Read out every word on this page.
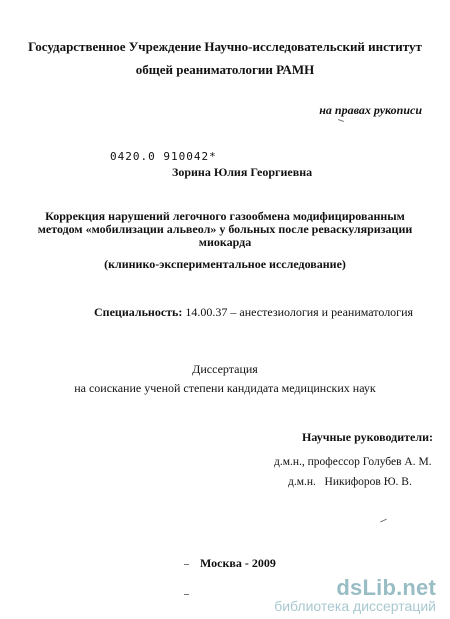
Государственное Учреждение Научно-исследовательский институт
общей реаниматологии РАМН
на правах рукописи
0420.0 910042*
Зорина Юлия Георгиевна
Коррекция нарушений легочного газообмена модифицированным
методом «мобилизации альвеол» у больных после реваскуляризации
миокарда
(клинико-экспериментальное исследование)
Специальность: 14.00.37 – анестезиология и реаниматология
Диссертация
на соискание ученой степени кандидата медицинских наук
Научные руководители:
д.м.н., профессор Голубев А. М.
д.м.н.   Никифоров Ю. В.
Москва - 2009
dsLib.net
библиотека диссертаций
